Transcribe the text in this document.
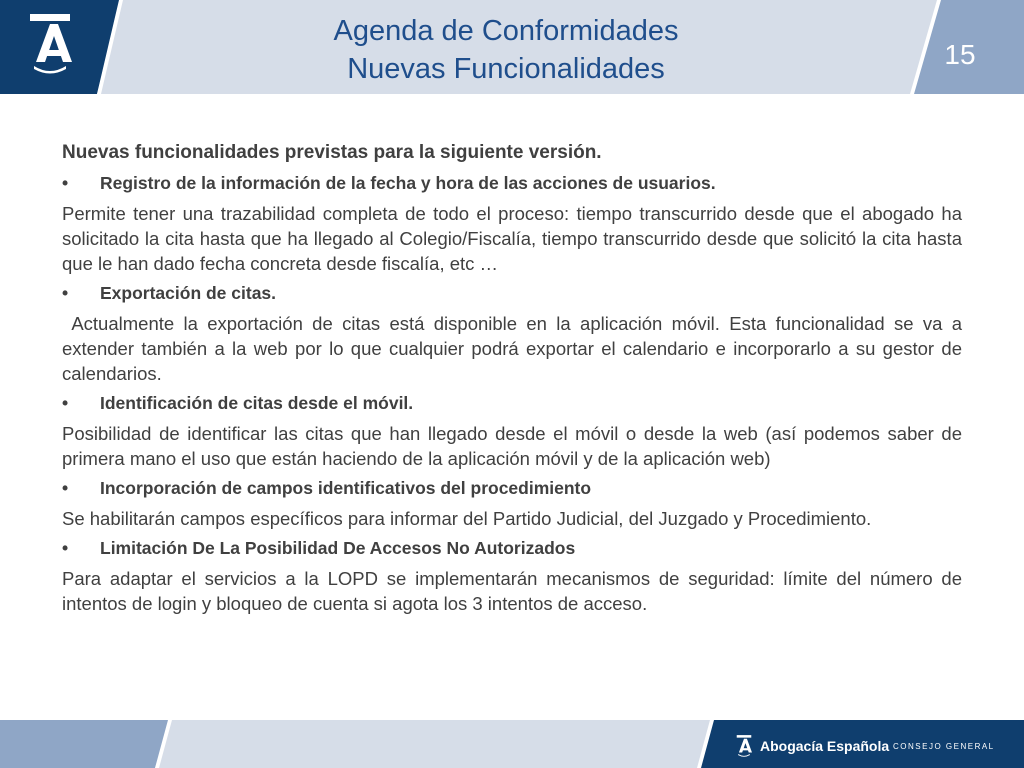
Agenda de Conformidades
Nuevas Funcionalidades	15

Nuevas funcionalidades previstas para la siguiente versión.

• Registro de la información de la fecha y hora de las acciones de usuarios.

Permite tener una trazabilidad completa de todo el proceso: tiempo transcurrido desde que el abogado ha solicitado la cita hasta que ha llegado al Colegio/Fiscalía, tiempo transcurrido desde que solicitó la cita hasta que le han dado fecha concreta desde fiscalía, etc …

• Exportación de citas.

Actualmente la exportación de citas está disponible en la aplicación móvil. Esta funcionalidad se va a extender también a la web por lo que cualquier podrá exportar el calendario e incorporarlo a su gestor de calendarios.

• Identificación de citas desde el móvil.

Posibilidad de identificar las citas que han llegado desde el móvil o desde la web (así podemos saber de primera mano el uso que están haciendo de la aplicación móvil y de la aplicación web)

• Incorporación de campos identificativos del procedimiento

Se habilitarán campos específicos para informar del Partido Judicial, del Juzgado y Procedimiento.

• Limitación De La Posibilidad De Accesos No Autorizados

Para adaptar el servicios a la LOPD se implementarán mecanismos de seguridad: límite del número de intentos de login y bloqueo de cuenta si agota los 3 intentos de acceso.

Abogacía Española CONSEJO GENERAL
